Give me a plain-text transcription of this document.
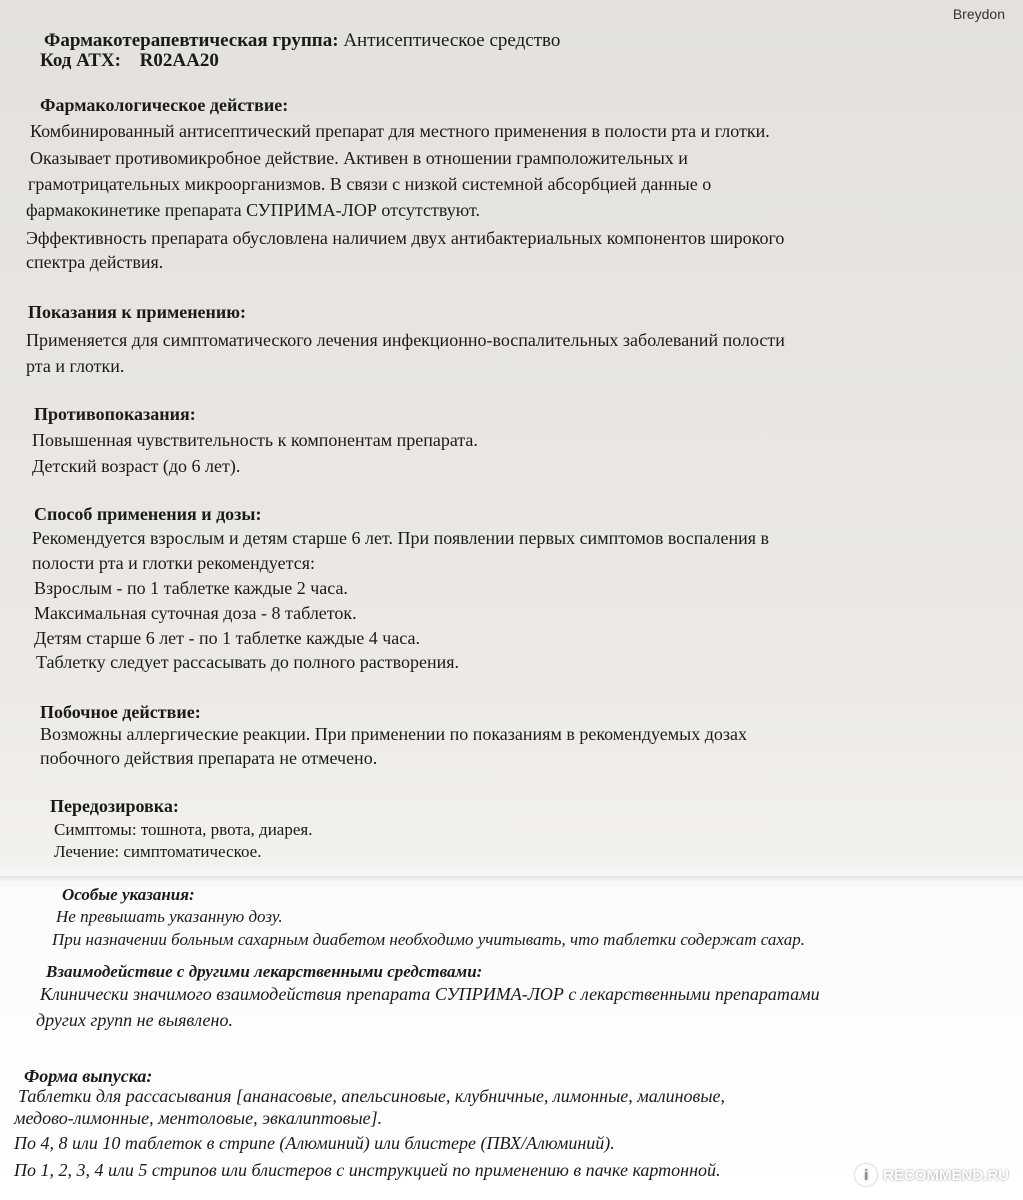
Breydon
Фармакотерапевтическая группа: Антисептическое средство
Код АТХ: R02AA20
Фармакологическое действие:
Комбинированный антисептический препарат для местного применения в полости рта и глотки.
Оказывает противомикробное действие. Активен в отношении грамположительных и
грамотрицательных микроорганизмов. В связи с низкой системной абсорбцией данные о
фармакокинетике препарата СУПРИМА-ЛОР отсутствуют.
Эффективность препарата обусловлена наличием двух антибактериальных компонентов широкого
спектра действия.
Показания к применению:
Применяется для симптоматического лечения инфекционно-воспалительных заболеваний полости
рта и глотки.
Противопоказания:
Повышенная чувствительность к компонентам препарата.
Детский возраст (до 6 лет).
Способ применения и дозы:
Рекомендуется взрослым и детям старше 6 лет. При появлении первых симптомов воспаления в
полости рта и глотки рекомендуется:
Взрослым - по 1 таблетке каждые 2 часа.
Максимальная суточная доза - 8 таблеток.
Детям старше 6 лет - по 1 таблетке каждые 4 часа.
Таблетку следует рассасывать до полного растворения.
Побочное действие:
Возможны аллергические реакции. При применении по показаниям в рекомендуемых дозах
побочного действия препарата не отмечено.
Передозировка:
Симптомы: тошнота, рвота, диарея.
Лечение: симптоматическое.
Особые указания:
Не превышать указанную дозу.
При назначении больным сахарным диабетом необходимо учитывать, что таблетки содержат сахар.
Взаимодействие с другими лекарственными средствами:
Клинически значимого взаимодействия препарата СУПРИМА-ЛОР с лекарственными препаратами
других групп не выявлено.
Форма выпуска:
Таблетки для рассасывания [ананасовые, апельсиновые, клубничные, лимонные, малиновые,
медово-лимонные, ментоловые, эвкалиптовые].
По 4, 8 или 10 таблеток в стрипе (Алюминий) или блистере (ПВХ/Алюминий).
По 1, 2, 3, 4 или 5 стрипов или блистеров с инструкцией по применению в пачке картонной.	i RECOMMEND.RU
